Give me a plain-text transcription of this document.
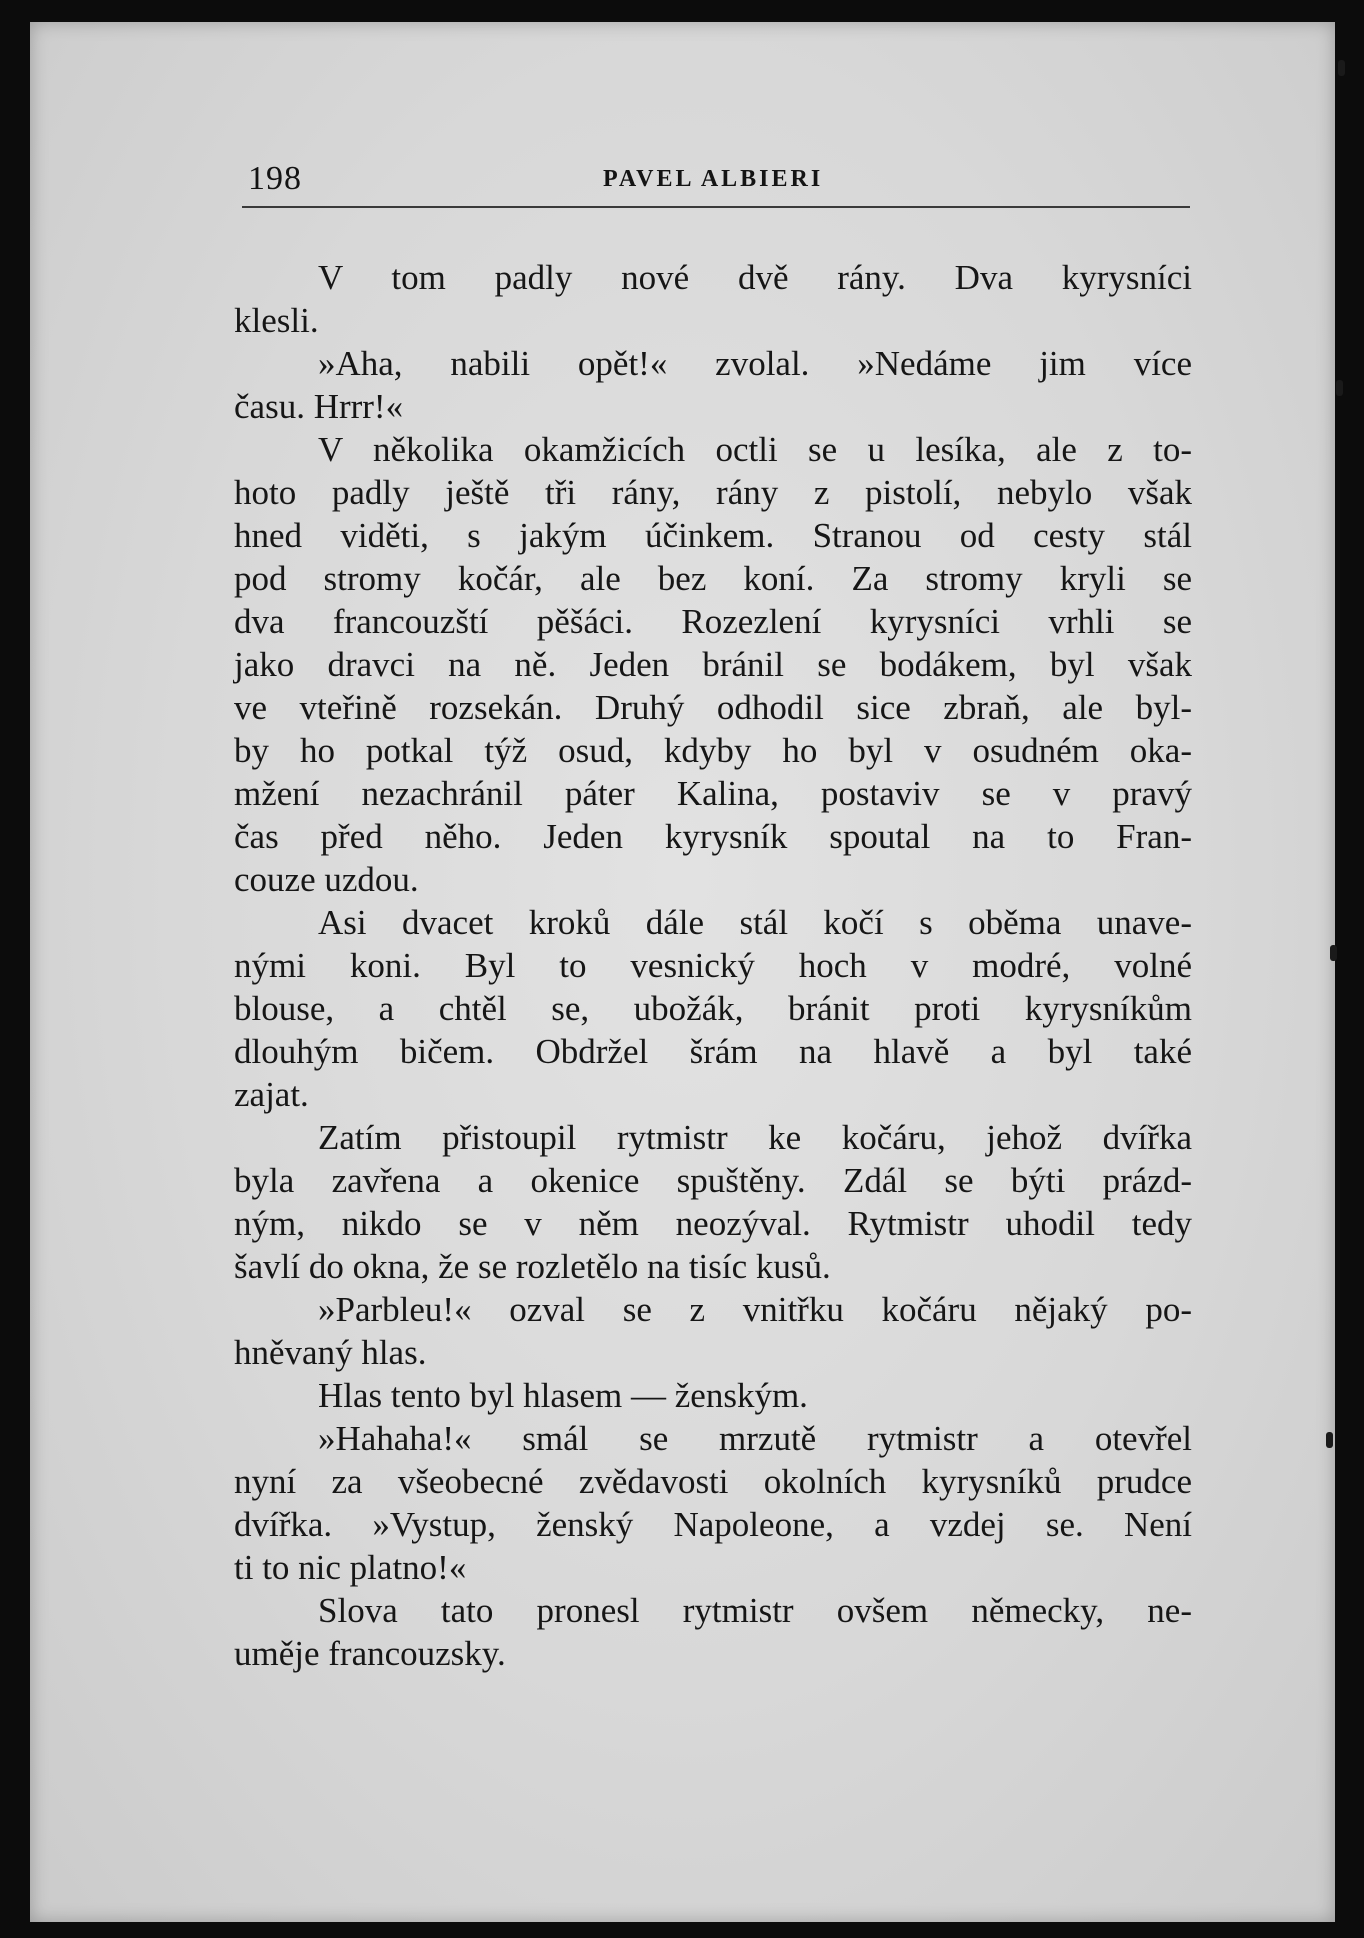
198	PAVEL ALBIERI
V tom padly nové dvě rány. Dva kyrysníci
klesli.
»Aha, nabili opět!« zvolal. »Nedáme jim více
času. Hrrr!«
V několika okamžicích octli se u lesíka, ale z to-
hoto padly ještě tři rány, rány z pistolí, nebylo však
hned viděti, s jakým účinkem. Stranou od cesty stál
pod stromy kočár, ale bez koní. Za stromy kryli se
dva francouzští pěšáci. Rozezlení kyrysníci vrhli se
jako dravci na ně. Jeden bránil se bodákem, byl však
ve vteřině rozsekán. Druhý odhodil sice zbraň, ale byl-
by ho potkal týž osud, kdyby ho byl v osudném oka-
mžení nezachránil páter Kalina, postaviv se v pravý
čas před něho. Jeden kyrysník spoutal na to Fran-
couze uzdou.
Asi dvacet kroků dále stál kočí s oběma unave-
nými koni. Byl to vesnický hoch v modré, volné
blouse, a chtěl se, ubožák, bránit proti kyrysníkům
dlouhým bičem. Obdržel šrám na hlavě a byl také
zajat.
Zatím přistoupil rytmistr ke kočáru, jehož dvířka
byla zavřena a okenice spuštěny. Zdál se býti prázd-
ným, nikdo se v něm neozýval. Rytmistr uhodil tedy
šavlí do okna, že se rozletělo na tisíc kusů.
»Parbleu!« ozval se z vnitřku kočáru nějaký po-
hněvaný hlas.
Hlas tento byl hlasem — ženským.
»Hahaha!« smál se mrzutě rytmistr a otevřel
nyní za všeobecné zvědavosti okolních kyrysníků prudce
dvířka. »Vystup, ženský Napoleone, a vzdej se. Není
ti to nic platno!«
Slova tato pronesl rytmistr ovšem německy, ne-
uměje francouzsky.
